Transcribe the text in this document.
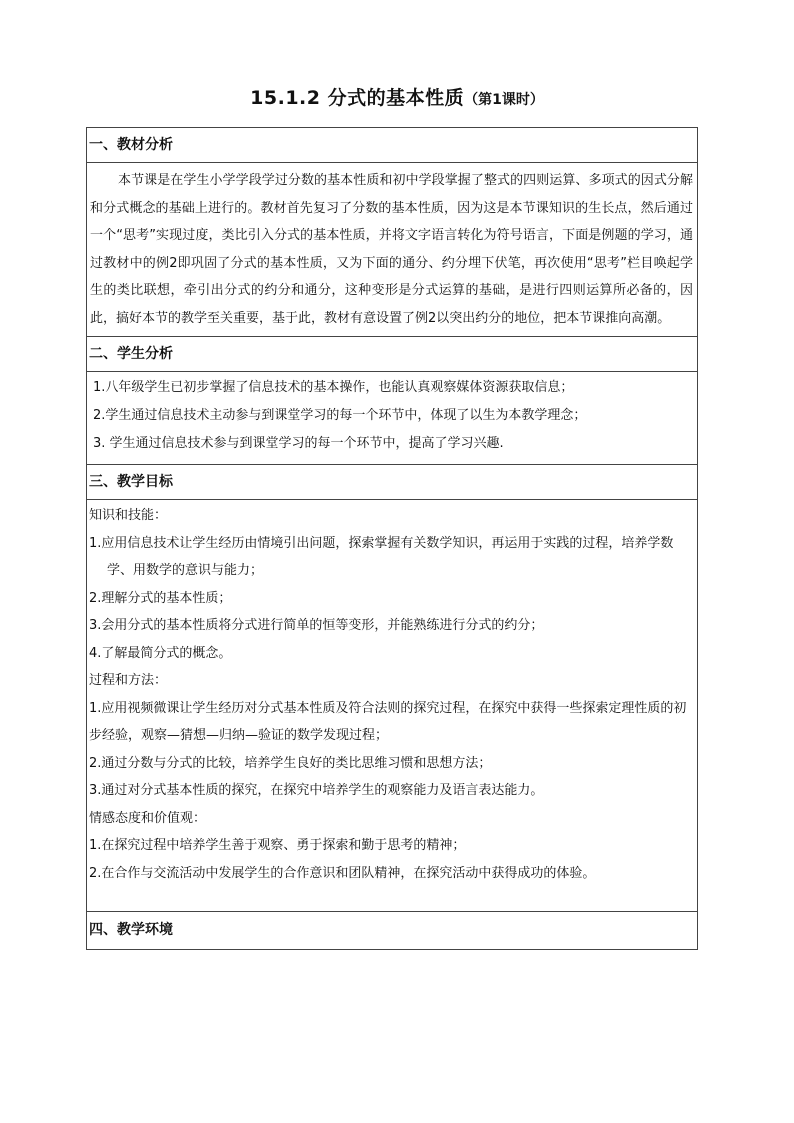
15.1.2 分式的基本性质（第1课时）
一、教材分析
本节课是在学生小学学段学过分数的基本性质和初中学段掌握了整式的四则运算、多项式的因式分解和分式概念的基础上进行的。教材首先复习了分数的基本性质，因为这是本节课知识的生长点，然后通过一个“思考”实现过度，类比引入分式的基本性质，并将文字语言转化为符号语言，下面是例题的学习，通过教材中的例2即巩固了分式的基本性质，又为下面的通分、约分埋下伏笔，再次使用“思考”栏目唤起学生的类比联想，牵引出分式的约分和通分，这种变形是分式运算的基础，是进行四则运算所必备的，因此，搞好本节的教学至关重要，基于此，教材有意设置了例2以突出约分的地位，把本节课推向高潮。
二、学生分析
1.八年级学生已初步掌握了信息技术的基本操作，也能认真观察媒体资源获取信息；
2.学生通过信息技术主动参与到课堂学习的每一个环节中，体现了以生为本教学理念；
3. 学生通过信息技术参与到课堂学习的每一个环节中，提高了学习兴趣.
三、教学目标
知识和技能：
1.应用信息技术让学生经历由情境引出问题，探索掌握有关数学知识，再运用于实践的过程，培养学数学、用数学的意识与能力；
2.理解分式的基本性质；
3.会用分式的基本性质将分式进行简单的恒等变形，并能熟练进行分式的约分；
4.了解最简分式的概念。
过程和方法：
1.应用视频微课让学生经历对分式基本性质及符合法则的探究过程，在探究中获得一些探索定理性质的初步经验，观察—猜想—归纳—验证的数学发现过程；
2.通过分数与分式的比较，培养学生良好的类比思维习惯和思想方法；
3.通过对分式基本性质的探究，在探究中培养学生的观察能力及语言表达能力。
情感态度和价值观：
1.在探究过程中培养学生善于观察、勇于探索和勤于思考的精神；
2.在合作与交流活动中发展学生的合作意识和团队精神，在探究活动中获得成功的体验。
四、教学环境
